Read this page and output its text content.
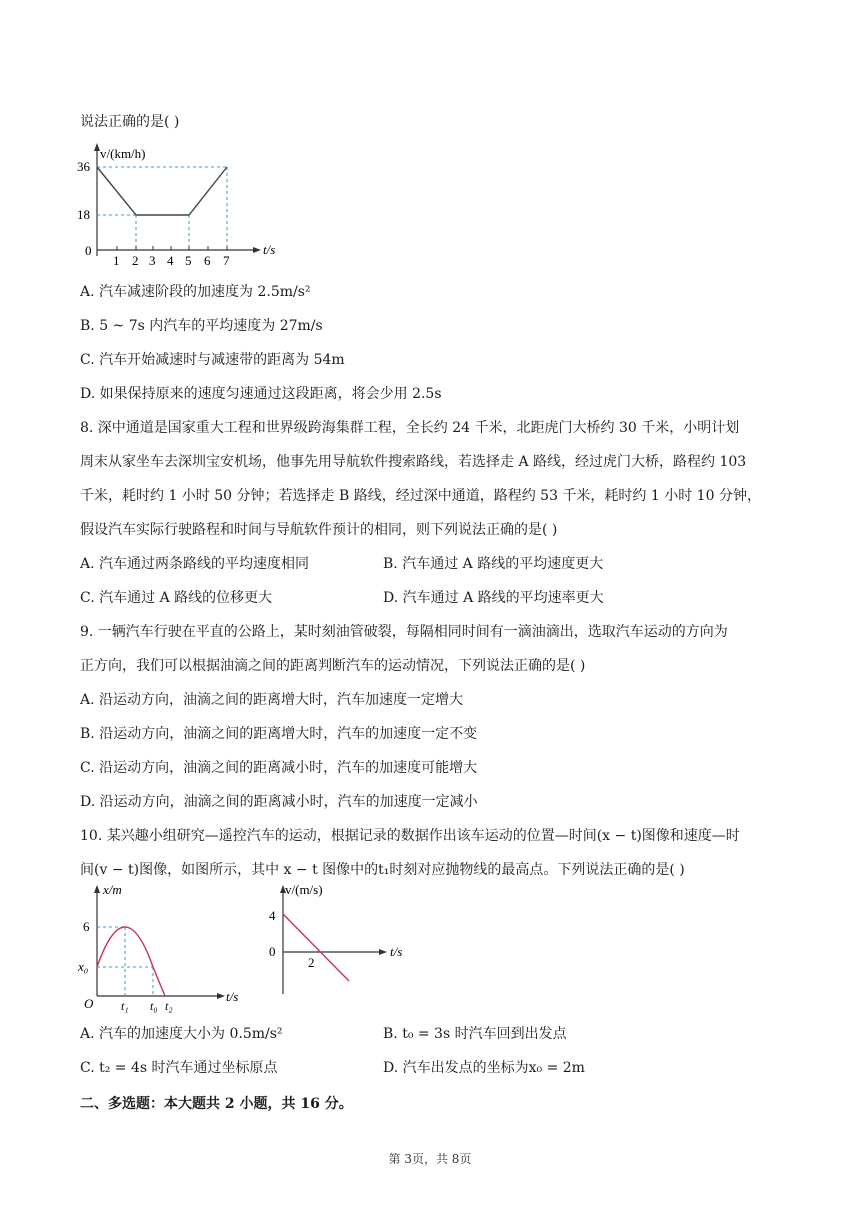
说法正确的是( )
v/(km/h)
36
18
0
1 2 3 4 5 6 7
t/s
A. 汽车减速阶段的加速度为 2.5m/s²
B. 5 ~ 7s 内汽车的平均速度为 27m/s
C. 汽车开始减速时与减速带的距离为 54m
D. 如果保持原来的速度匀速通过这段距离，将会少用 2.5s
8. 深中通道是国家重大工程和世界级跨海集群工程，全长约 24 千米，北距虎门大桥约 30 千米，小明计划
周末从家坐车去深圳宝安机场，他事先用导航软件搜索路线，若选择走 A 路线，经过虎门大桥，路程约 103
千米，耗时约 1 小时 50 分钟；若选择走 B 路线，经过深中通道，路程约 53 千米，耗时约 1 小时 10 分钟，
假设汽车实际行驶路程和时间与导航软件预计的相同，则下列说法正确的是( )
A. 汽车通过两条路线的平均速度相同	B. 汽车通过 A 路线的平均速度更大
C. 汽车通过 A 路线的位移更大	D. 汽车通过 A 路线的平均速率更大
9. 一辆汽车行驶在平直的公路上，某时刻油管破裂，每隔相同时间有一滴油滴出，选取汽车运动的方向为
正方向，我们可以根据油滴之间的距离判断汽车的运动情况，下列说法正确的是( )
A. 沿运动方向，油滴之间的距离增大时，汽车加速度一定增大
B. 沿运动方向，油滴之间的距离增大时，汽车的加速度一定不变
C. 沿运动方向，油滴之间的距离减小时，汽车的加速度可能增大
D. 沿运动方向，油滴之间的距离减小时，汽车的加速度一定减小
10. 某兴趣小组研究—遥控汽车的运动，根据记录的数据作出该车运动的位置—时间(x − t)图像和速度—时
间(v − t)图像，如图所示，其中 x − t 图像中的t₁时刻对应抛物线的最高点。下列说法正确的是( )
x/m
6
x₀
O t₁ t₀ t₂
t/s
v/(m/s)
4
0
2
t/s
A. 汽车的加速度大小为 0.5m/s²	B. t₀ = 3s 时汽车回到出发点
C. t₂ = 4s 时汽车通过坐标原点	D. 汽车出发点的坐标为x₀ = 2m
二、多选题：本大题共 2 小题，共 16 分。
第 3页，共 8页
